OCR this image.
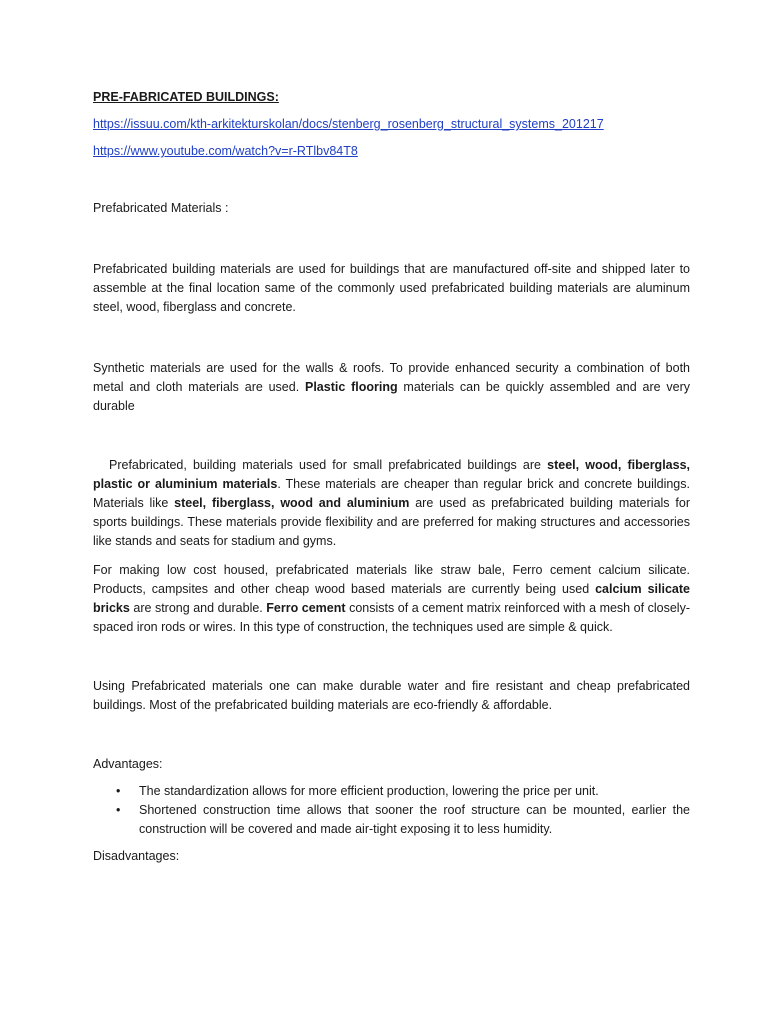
PRE-FABRICATED BUILDINGS:
https://issuu.com/kth-arkitekturskolan/docs/stenberg_rosenberg_structural_systems_201217
https://www.youtube.com/watch?v=r-RTlbv84T8

Prefabricated Materials :

Prefabricated building materials are used for buildings that are manufactured off-site and shipped later to assemble at the final location same of the commonly used prefabricated building materials are aluminum steel, wood, fiberglass and concrete.

Synthetic materials are used for the walls & roofs. To provide enhanced security a combination of both metal and cloth materials are used. Plastic flooring materials can be quickly assembled and are very durable

Prefabricated, building materials used for small prefabricated buildings are steel, wood, fiberglass, plastic or aluminium materials. These materials are cheaper than regular brick and concrete buildings. Materials like steel, fiberglass, wood and aluminium are used as prefabricated building materials for sports buildings. These materials provide flexibility and are preferred for making structures and accessories like stands and seats for stadium and gyms.

For making low cost housed, prefabricated materials like straw bale, Ferro cement calcium silicate. Products, campsites and other cheap wood based materials are currently being used calcium silicate bricks are strong and durable. Ferro cement consists of a cement matrix reinforced with a mesh of closely-spaced iron rods or wires. In this type of construction, the techniques used are simple & quick.

Using Prefabricated materials one can make durable water and fire resistant and cheap prefabricated buildings. Most of the prefabricated building materials are eco-friendly & affordable.

Advantages:

• The standardization allows for more efficient production, lowering the price per unit.
• Shortened construction time allows that sooner the roof structure can be mounted, earlier the construction will be covered and made air-tight exposing it to less humidity.

Disadvantages:
